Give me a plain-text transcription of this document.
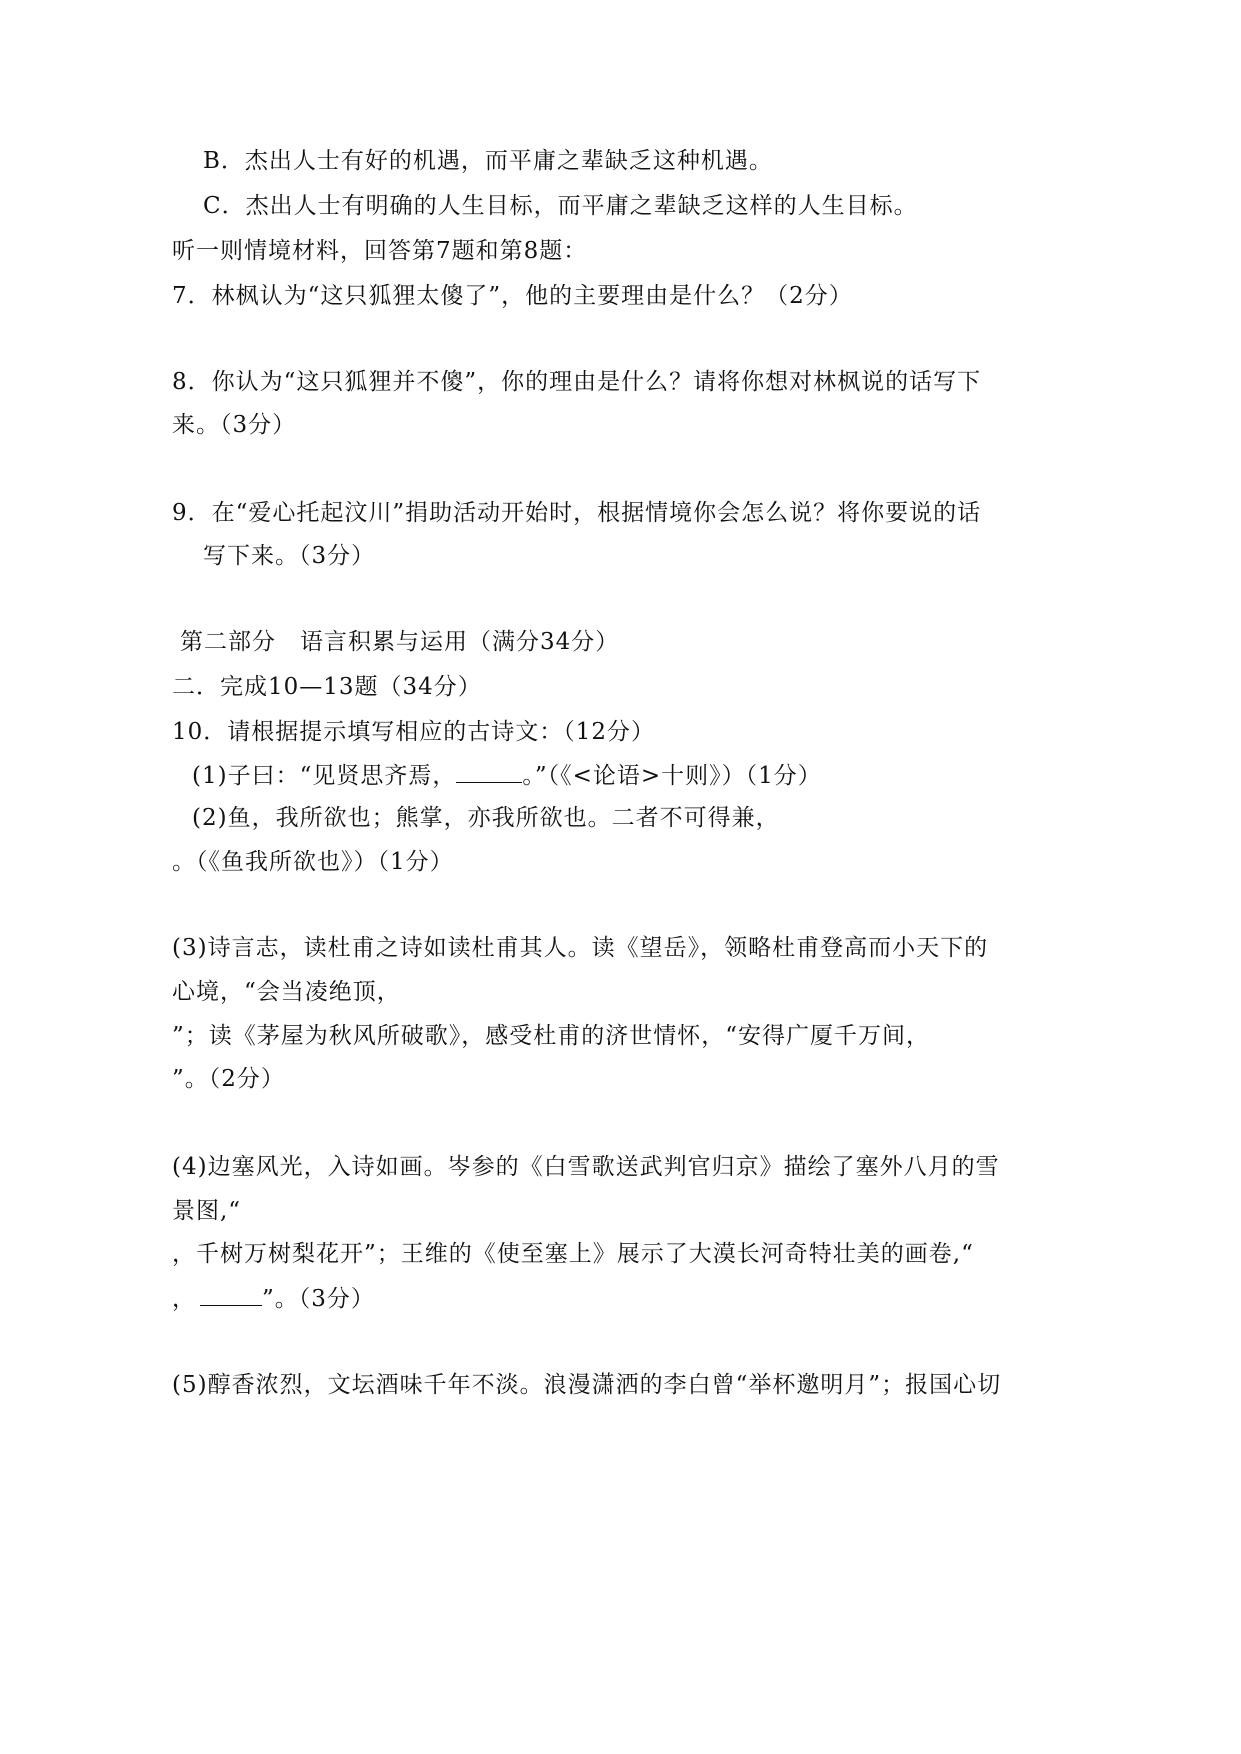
B．杰出人士有好的机遇，而平庸之辈缺乏这种机遇。
C．杰出人士有明确的人生目标，而平庸之辈缺乏这样的人生目标。
听一则情境材料，回答第7题和第8题：
7．林枫认为“这只狐狸太傻了”，他的主要理由是什么？（2分）
8．你认为“这只狐狸并不傻”，你的理由是什么？请将你想对林枫说的话写下
来。（3分）
9．在“爱心托起汶川”捐助活动开始时，根据情境你会怎么说？将你要说的话
写下来。（3分）
第二部分　语言积累与运用（满分34分）
二．完成10—13题（34分）
10．请根据提示填写相应的古诗文：（12分）
(1)子曰：“见贤思齐焉，	。”（《<论语>十则》）（1分）
(2)鱼，我所欲也；熊掌，亦我所欲也。二者不可得兼，
。（《鱼我所欲也》）（1分）
(3)诗言志，读杜甫之诗如读杜甫其人。读《望岳》，领略杜甫登高而小天下的
心境，“会当凌绝顶，
”；读《茅屋为秋风所破歌》，感受杜甫的济世情怀，“安得广厦千万间，
”。（2分）
(4)边塞风光，入诗如画。岑参的《白雪歌送武判官归京》描绘了塞外八月的雪
景图,“
，千树万树梨花开”；王维的《使至塞上》展示了大漠长河奇特壮美的画卷,“
，	”。（3分）
(5)醇香浓烈，文坛酒味千年不淡。浪漫潇洒的李白曾“举杯邀明月”；报国心切
